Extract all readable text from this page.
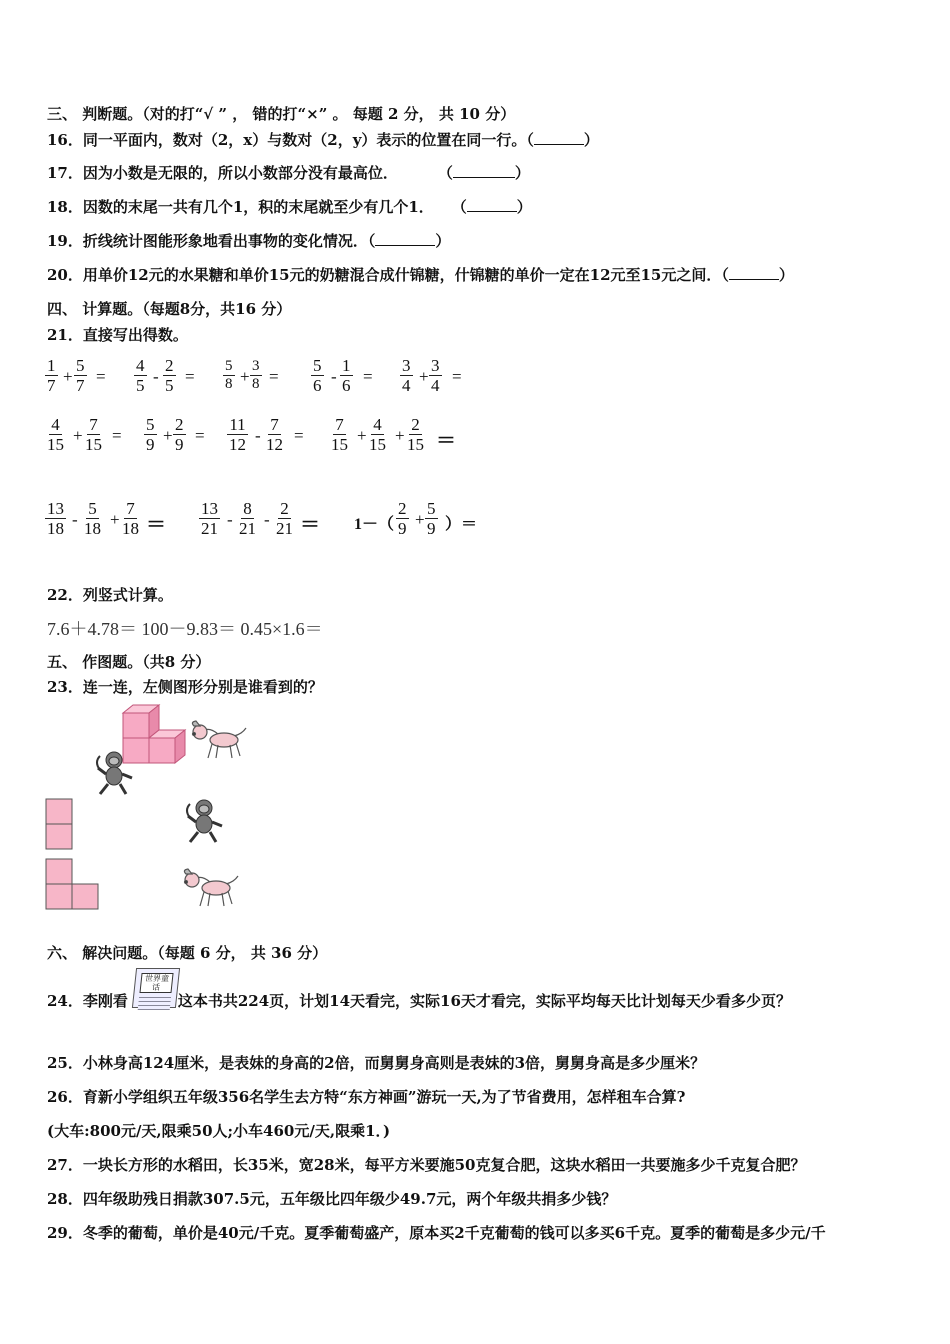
三、 判断题。（对的打“√ ” ， 错的打“×” 。 每题 2 分， 共 10 分）
16．同一平面内，数对（2，x）与数对（2，y）表示的位置在同一行。（	）
17．因为小数是无限的，所以小数部分没有最高位．	（	）
18．因数的末尾一共有几个1，积的末尾就至少有几个1． （	）
19．折线统计图能形象地看出事物的变化情况．（	）
20．用单价12元的水果糖和单价15元的奶糖混合成什锦糖，什锦糖的单价一定在12元至15元之间．（	）
四、 计算题。（每题8分，共16 分）
21．直接写出得数。
$\frac{1}{7} + \frac{5}{7} = \frac{4}{5} - \frac{2}{5} = \frac{5}{8} + \frac{3}{8} = \frac{5}{6} - \frac{1}{6} = \frac{3}{4} + \frac{3}{4}$ =
$\frac{4}{15} + \frac{7}{15} = \frac{5}{9} + \frac{2}{9} = \frac{11}{12} - \frac{7}{12} = \frac{7}{15} + \frac{4}{15} + \frac{2}{15}$ ＝
$\frac{13}{18} - \frac{5}{18} + \frac{7}{18} = \frac{13}{21} - \frac{8}{21} - \frac{2}{21} = 1-( \frac{2}{9} + \frac{5}{9}$ ）＝
22．列竖式计算。
7.6＋4.78＝ 100－9.83＝ 0.45×1.6＝
五、 作图题。（共8 分）
23．连一连，左侧图形分别是谁看到的？
六、 解决问题。（每题 6 分， 共 36 分）
24．李刚看	这本书共224页，计划14天看完，实际16天才看完，实际平均每天比计划每天少看多少页？
世界童话
25．小林身高124厘米，是表妹的身高的2倍，而舅舅身高则是表妹的3倍，舅舅身高是多少厘米？
26．育新小学组织五年级356名学生去方特“东方神画”游玩一天,为了节省费用，怎样租车合算?
(大车:800元/天,限乘50人;小车460元/天,限乘1．)
27．一块长方形的水稻田，长35米，宽28米，每平方米要施50克复合肥，这块水稻田一共要施多少千克复合肥？
28．四年级助残日捐款307.5元，五年级比四年级少49.7元，两个年级共捐多少钱？
29．冬季的葡萄，单价是40元/千克。夏季葡萄盛产，原本买2千克葡萄的钱可以多买6千克。夏季的葡萄是多少元/千
